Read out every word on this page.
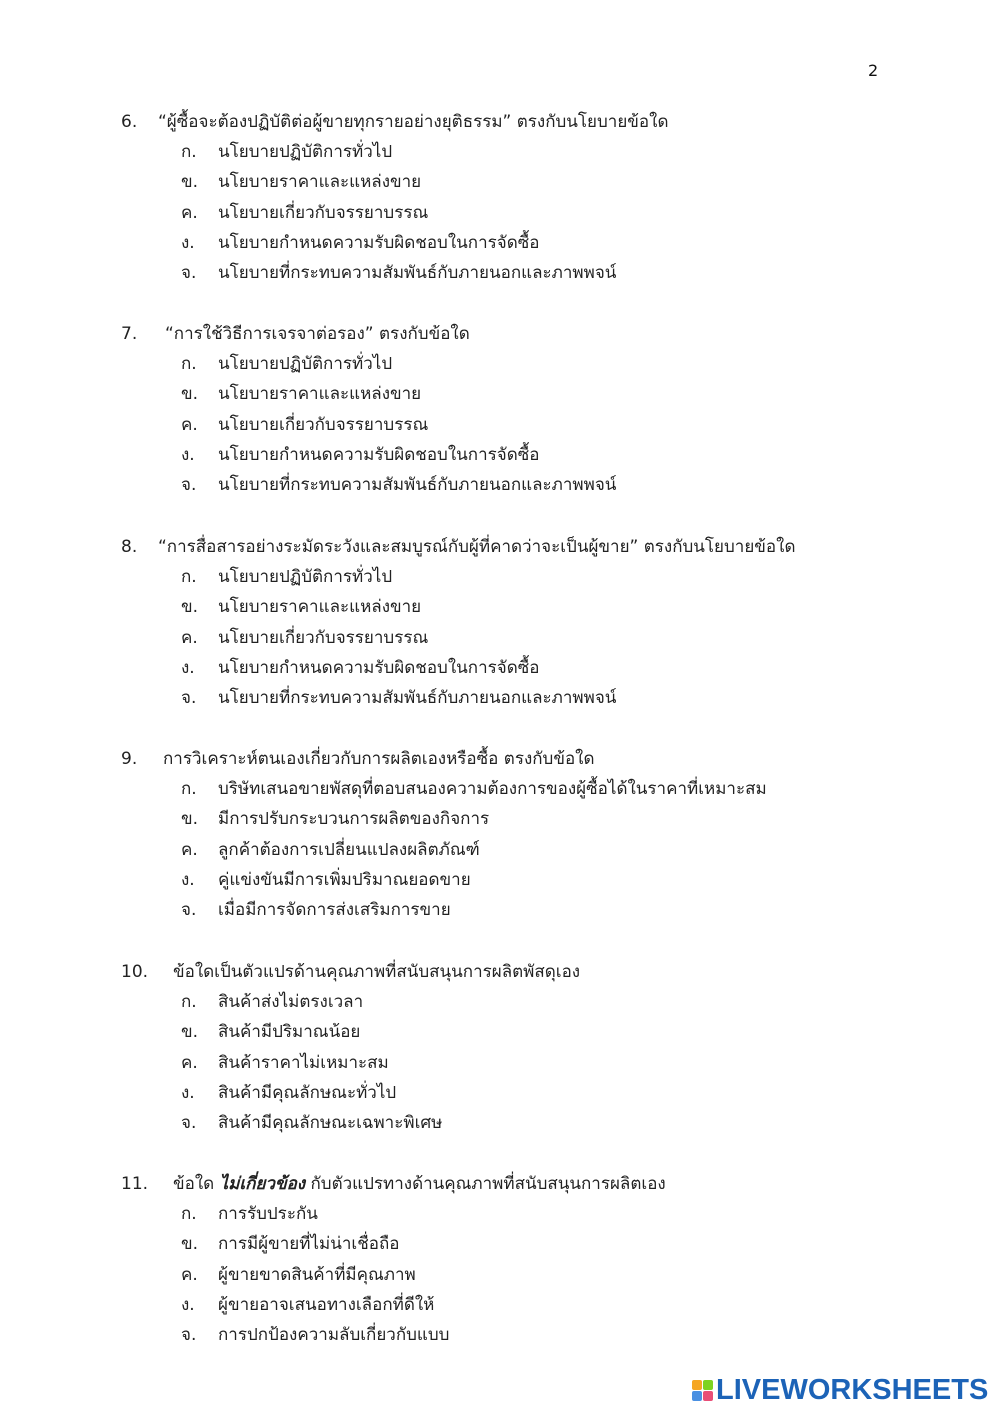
2
6. “ผู้ซื้อจะต้องปฏิบัติต่อผู้ขายทุกรายอย่างยุติธรรม” ตรงกับนโยบายข้อใด
ก. นโยบายปฏิบัติการทั่วไป
ข. นโยบายราคาและแหล่งขาย
ค. นโยบายเกี่ยวกับจรรยาบรรณ
ง. นโยบายกำหนดความรับผิดชอบในการจัดซื้อ
จ. นโยบายที่กระทบความสัมพันธ์กับภายนอกและภาพพจน์
7. “การใช้วิธีการเจรจาต่อรอง” ตรงกับข้อใด
ก. นโยบายปฏิบัติการทั่วไป
ข. นโยบายราคาและแหล่งขาย
ค. นโยบายเกี่ยวกับจรรยาบรรณ
ง. นโยบายกำหนดความรับผิดชอบในการจัดซื้อ
จ. นโยบายที่กระทบความสัมพันธ์กับภายนอกและภาพพจน์
8. “การสื่อสารอย่างระมัดระวังและสมบูรณ์กับผู้ที่คาดว่าจะเป็นผู้ขาย” ตรงกับนโยบายข้อใด
ก. นโยบายปฏิบัติการทั่วไป
ข. นโยบายราคาและแหล่งขาย
ค. นโยบายเกี่ยวกับจรรยาบรรณ
ง. นโยบายกำหนดความรับผิดชอบในการจัดซื้อ
จ. นโยบายที่กระทบความสัมพันธ์กับภายนอกและภาพพจน์
9. การวิเคราะห์ตนเองเกี่ยวกับการผลิตเองหรือซื้อ ตรงกับข้อใด
ก. บริษัทเสนอขายพัสดุที่ตอบสนองความต้องการของผู้ซื้อได้ในราคาที่เหมาะสม
ข. มีการปรับกระบวนการผลิตของกิจการ
ค. ลูกค้าต้องการเปลี่ยนแปลงผลิตภัณฑ์
ง. คู่แข่งขันมีการเพิ่มปริมาณยอดขาย
จ. เมื่อมีการจัดการส่งเสริมการขาย
10. ข้อใดเป็นตัวแปรด้านคุณภาพที่สนับสนุนการผลิตพัสดุเอง
ก. สินค้าส่งไม่ตรงเวลา
ข. สินค้ามีปริมาณน้อย
ค. สินค้าราคาไม่เหมาะสม
ง. สินค้ามีคุณลักษณะทั่วไป
จ. สินค้ามีคุณลักษณะเฉพาะพิเศษ
11. ข้อใด ไม่เกี่ยวข้อง กับตัวแปรทางด้านคุณภาพที่สนับสนุนการผลิตเอง
ก. การรับประกัน
ข. การมีผู้ขายที่ไม่น่าเชื่อถือ
ค. ผู้ขายขาดสินค้าที่มีคุณภาพ
ง. ผู้ขายอาจเสนอทางเลือกที่ดีให้
จ. การปกป้องความลับเกี่ยวกับแบบ
LIVEWORKSHEETS
